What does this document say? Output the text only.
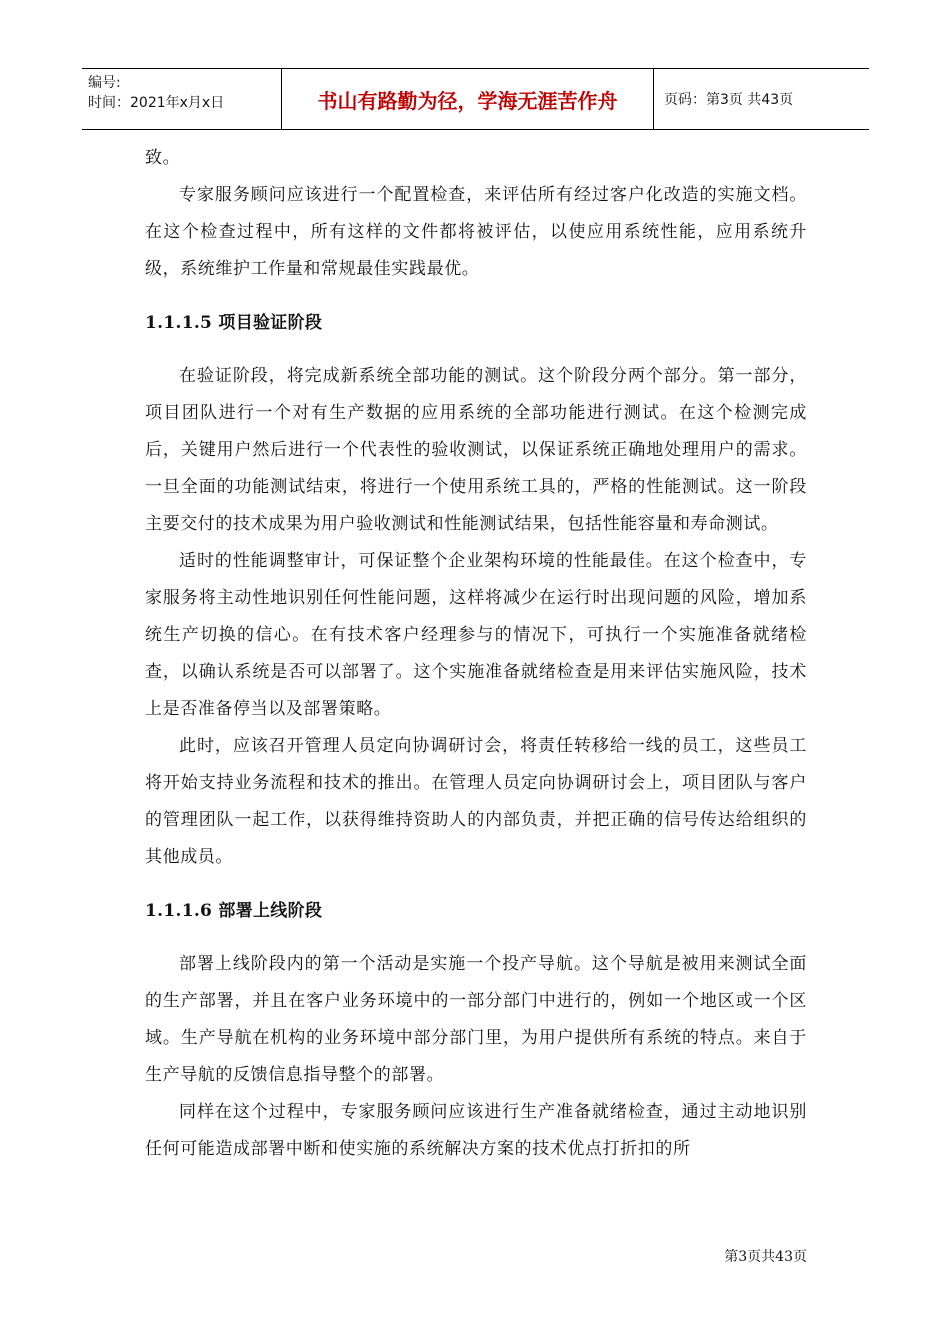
编号:
时间：2021年x月x日	书山有路勤为径，学海无涯苦作舟	页码：第3页 共43页

致。

专家服务顾问应该进行一个配置检查，来评估所有经过客户化改造的实施文档。在这个检查过程中，所有这样的文件都将被评估，以使应用系统性能，应用系统升级，系统维护工作量和常规最佳实践最优。

1.1.1.5 项目验证阶段

在验证阶段，将完成新系统全部功能的测试。这个阶段分两个部分。第一部分，项目团队进行一个对有生产数据的应用系统的全部功能进行测试。在这个检测完成后，关键用户然后进行一个代表性的验收测试，以保证系统正确地处理用户的需求。一旦全面的功能测试结束，将进行一个使用系统工具的，严格的性能测试。这一阶段主要交付的技术成果为用户验收测试和性能测试结果，包括性能容量和寿命测试。

适时的性能调整审计，可保证整个企业架构环境的性能最佳。在这个检查中，专家服务将主动性地识别任何性能问题，这样将减少在运行时出现问题的风险，增加系统生产切换的信心。在有技术客户经理参与的情况下，可执行一个实施准备就绪检查，以确认系统是否可以部署了。这个实施准备就绪检查是用来评估实施风险，技术上是否准备停当以及部署策略。

此时，应该召开管理人员定向协调研讨会，将责任转移给一线的员工，这些员工将开始支持业务流程和技术的推出。在管理人员定向协调研讨会上，项目团队与客户的管理团队一起工作，以获得维持资助人的内部负责，并把正确的信号传达给组织的其他成员。

1.1.1.6 部署上线阶段

部署上线阶段内的第一个活动是实施一个投产导航。这个导航是被用来测试全面的生产部署，并且在客户业务环境中的一部分部门中进行的，例如一个地区或一个区域。生产导航在机构的业务环境中部分部门里，为用户提供所有系统的特点。来自于生产导航的反馈信息指导整个的部署。

同样在这个过程中，专家服务顾问应该进行生产准备就绪检查，通过主动地识别任何可能造成部署中断和使实施的系统解决方案的技术优点打折扣的所

第3页共43页
